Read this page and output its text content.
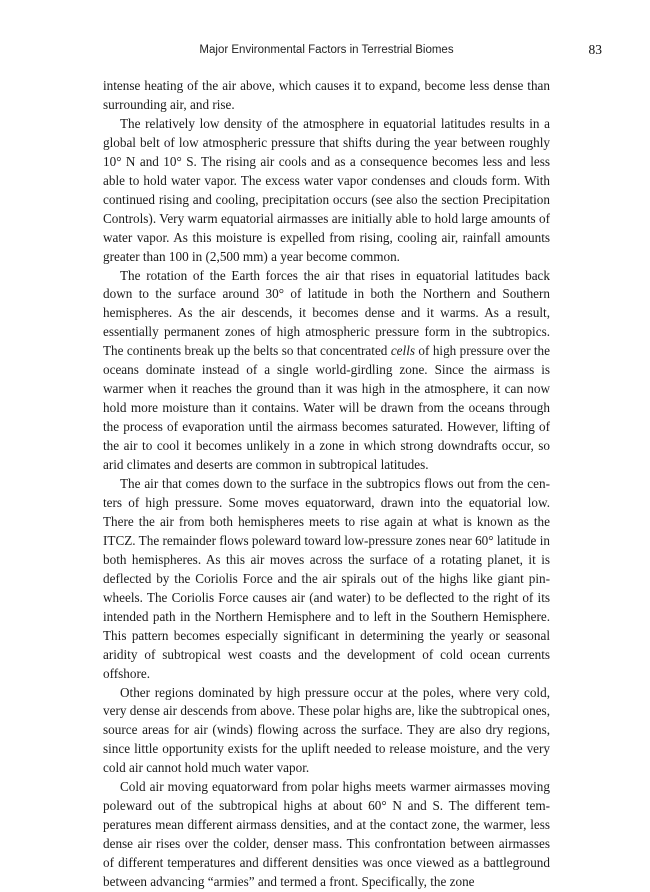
Major Environmental Factors in Terrestrial Biomes	83

intense heating of the air above, which causes it to expand, become less dense than surrounding air, and rise.

The relatively low density of the atmosphere in equatorial latitudes results in a global belt of low atmospheric pressure that shifts during the year between roughly 10° N and 10° S. The rising air cools and as a consequence becomes less and less able to hold water vapor. The excess water vapor condenses and clouds form. With continued rising and cooling, precipitation occurs (see also the section Precipitation Controls). Very warm equatorial airmasses are initially able to hold large amounts of water vapor. As this moisture is expelled from rising, cooling air, rainfall amounts greater than 100 in (2,500 mm) a year become common.

The rotation of the Earth forces the air that rises in equatorial latitudes back down to the surface around 30° of latitude in both the Northern and Southern hemispheres. As the air descends, it becomes dense and it warms. As a result, essentially permanent zones of high atmospheric pressure form in the subtropics. The continents break up the belts so that concentrated cells of high pressure over the oceans dominate instead of a single world-girdling zone. Since the airmass is warmer when it reaches the ground than it was high in the atmosphere, it can now hold more moisture than it contains. Water will be drawn from the oceans through the process of evaporation until the airmass becomes saturated. However, lifting of the air to cool it becomes unlikely in a zone in which strong downdrafts occur, so arid climates and deserts are common in subtropical latitudes.

The air that comes down to the surface in the subtropics flows out from the centers of high pressure. Some moves equatorward, drawn into the equatorial low. There the air from both hemispheres meets to rise again at what is known as the ITCZ. The remainder flows poleward toward low-pressure zones near 60° latitude in both hemispheres. As this air moves across the surface of a rotating planet, it is deflected by the Coriolis Force and the air spirals out of the highs like giant pinwheels. The Coriolis Force causes air (and water) to be deflected to the right of its intended path in the Northern Hemisphere and to left in the Southern Hemisphere. This pattern becomes especially significant in determining the yearly or seasonal aridity of subtropical west coasts and the development of cold ocean currents offshore.

Other regions dominated by high pressure occur at the poles, where very cold, very dense air descends from above. These polar highs are, like the subtropical ones, source areas for air (winds) flowing across the surface. They are also dry regions, since little opportunity exists for the uplift needed to release moisture, and the very cold air cannot hold much water vapor.

Cold air moving equatorward from polar highs meets warmer airmasses moving poleward out of the subtropical highs at about 60° N and S. The different temperatures mean different airmass densities, and at the contact zone, the warmer, less dense air rises over the colder, denser mass. This confrontation between airmasses of different temperatures and different densities was once viewed as a battleground between advancing “armies” and termed a front. Specifically, the zone
